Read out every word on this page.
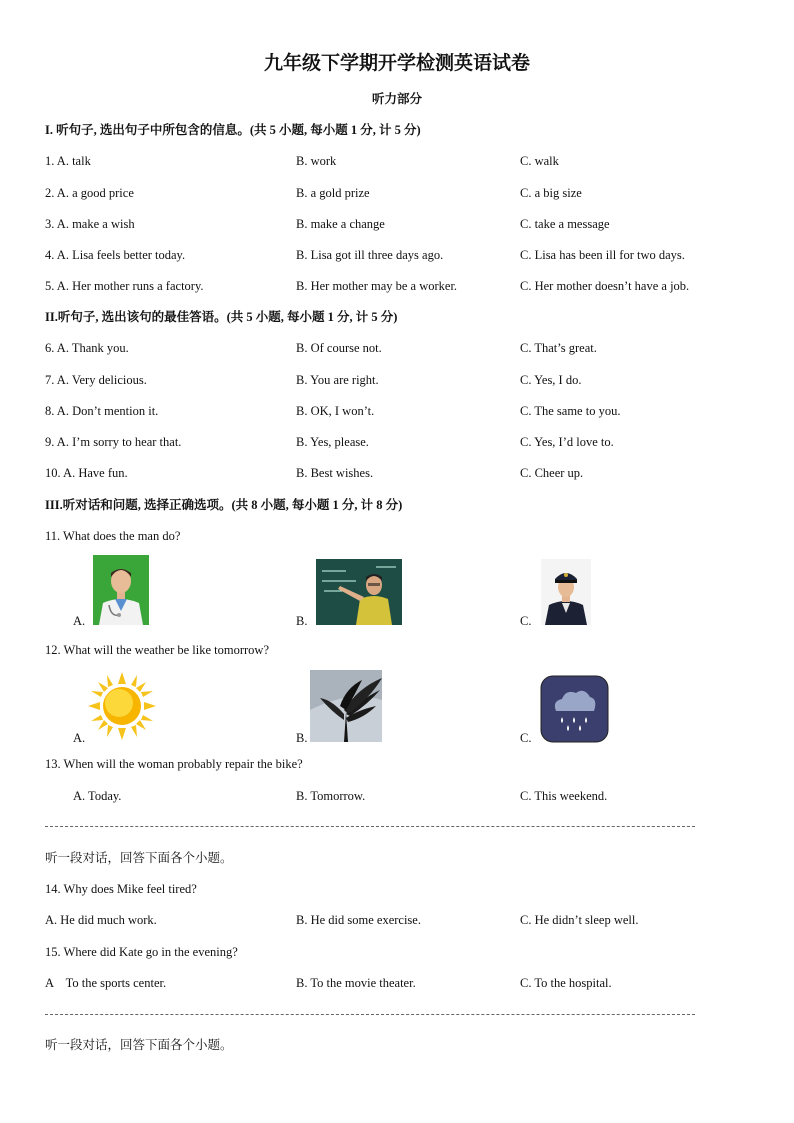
九年级下学期开学检测英语试卷
听力部分
I. 听句子, 选出句子中所包含的信息。(共 5 小题, 每小题 1 分, 计 5 分)
1. A. talk	B. work	C. walk
2. A. a good price	B. a gold prize	C. a big size
3. A. make a wish	B. make a change	C. take a message
4. A. Lisa feels better today.	B. Lisa got ill three days ago.	C. Lisa has been ill for two days.
5. A. Her mother runs a factory.	B. Her mother may be a worker.	C. Her mother doesn’t have a job.
II.听句子, 选出该句的最佳答语。(共 5 小题, 每小题 1 分, 计 5 分)
6. A. Thank you.	B. Of course not.	C. That’s great.
7. A. Very delicious.	B. You are right.	C. Yes, I do.
8. A. Don’t mention it.	B. OK, I won’t.	C. The same to you.
9. A. I’m sorry to hear that.	B. Yes, please.	C. Yes, I’d love to.
10. A. Have fun.	B. Best wishes.	C. Cheer up.
III.听对话和问题, 选择正确选项。(共 8 小题, 每小题 1 分, 计 8 分)
11. What does the man do?
A.	B.	C.
12. What will the weather be like tomorrow?
A.	B.	C.
13. When will the woman probably repair the bike?
A. Today.	B. Tomorrow.	C. This weekend.
听一段对话，回答下面各个小题。
14. Why does Mike feel tired?
A. He did much work.	B. He did some exercise.	C. He didn’t sleep well.
15. Where did Kate go in the evening?
A    To the sports center.	B. To the movie theater.	C. To the hospital.
听一段对话，回答下面各个小题。
